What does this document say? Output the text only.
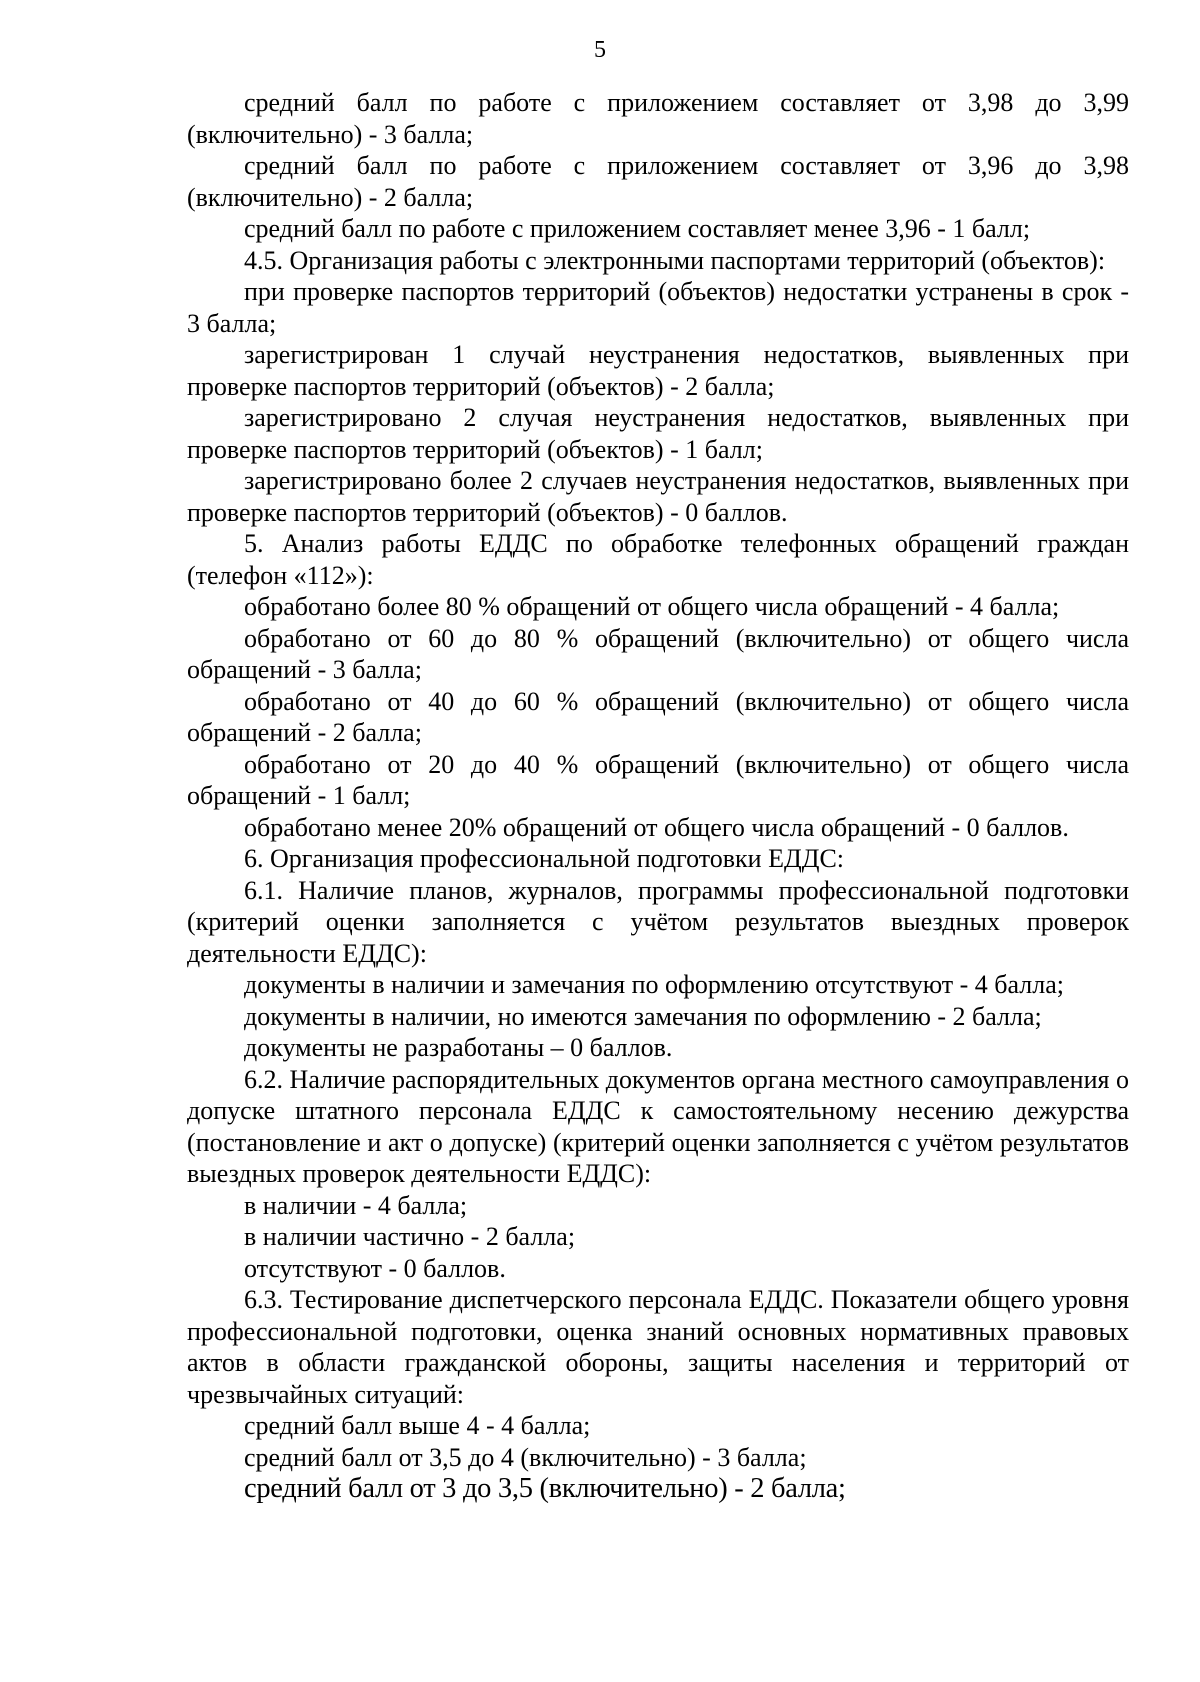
5

средний балл по работе с приложением составляет от 3,98 до 3,99 (включительно) - 3 балла;

средний балл по работе с приложением составляет от 3,96 до 3,98 (включительно) - 2 балла;

средний балл по работе с приложением составляет менее 3,96 - 1 балл;

4.5. Организация работы с электронными паспортами территорий (объектов):

при проверке паспортов территорий (объектов) недостатки устранены в срок - 3 балла;

зарегистрирован 1 случай неустранения недостатков, выявленных при проверке паспортов территорий (объектов) - 2 балла;

зарегистрировано 2 случая неустранения недостатков, выявленных при проверке паспортов территорий (объектов) - 1 балл;

зарегистрировано более 2 случаев неустранения недостатков, выявленных при проверке паспортов территорий (объектов) - 0 баллов.

5. Анализ работы ЕДДС по обработке телефонных обращений граждан (телефон «112»):

обработано более 80 % обращений от общего числа обращений - 4 балла;

обработано от 60 до 80 % обращений (включительно) от общего числа обращений - 3 балла;

обработано от 40 до 60 % обращений (включительно) от общего числа обращений - 2 балла;

обработано от 20 до 40 % обращений (включительно) от общего числа обращений - 1 балл;

обработано менее 20% обращений от общего числа обращений - 0 баллов.

6. Организация профессиональной подготовки ЕДДС:

6.1. Наличие планов, журналов, программы профессиональной подготовки (критерий оценки заполняется с учётом результатов выездных проверок деятельности ЕДДС):

документы в наличии и замечания по оформлению отсутствуют - 4 балла;

документы в наличии, но имеются замечания по оформлению - 2 балла;

документы не разработаны – 0 баллов.

6.2. Наличие распорядительных документов органа местного самоуправления о допуске штатного персонала ЕДДС к самостоятельному несению дежурства (постановление и акт о допуске) (критерий оценки заполняется с учётом результатов выездных проверок деятельности ЕДДС):

в наличии - 4 балла;

в наличии частично - 2 балла;

отсутствуют - 0 баллов.

6.3. Тестирование диспетчерского персонала ЕДДС. Показатели общего уровня профессиональной подготовки, оценка знаний основных нормативных правовых актов в области гражданской обороны, защиты населения и территорий от чрезвычайных ситуаций:

средний балл выше 4 - 4 балла;

средний балл от 3,5 до 4 (включительно) - 3 балла;

средний балл от 3 до 3,5 (включительно) - 2 балла;
